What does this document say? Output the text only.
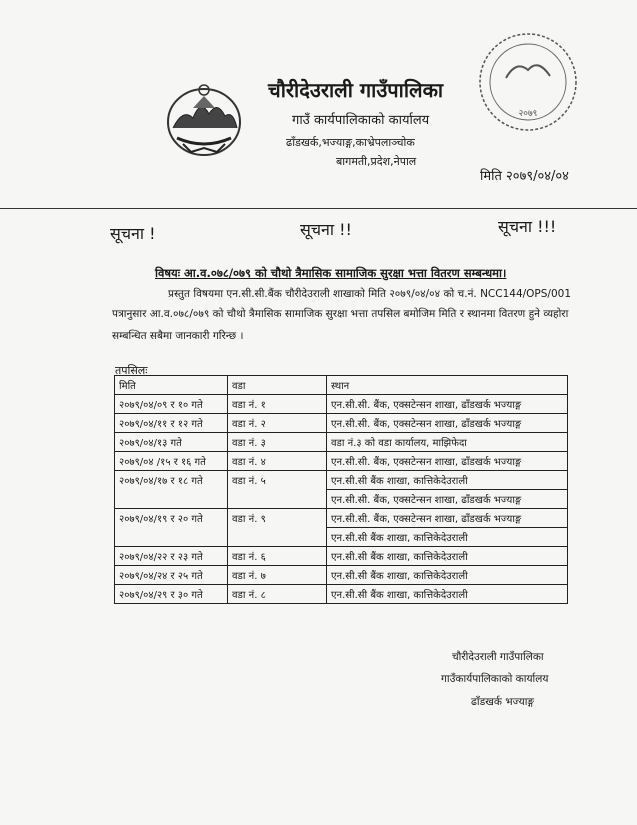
२०७९
चौरीदेउराली गाउँपालिका
गाउँ कार्यपालिकाको कार्यालय
ढाँडखर्क,भज्याङ्ग,काभ्रेपलाञ्चोक
बागमती,प्रदेश,नेपाल
मिति २०७९/०४/०४
सूचना !	सूचना !!	सूचना !!!
विषयः आ.व.०७८/०७९ को चौथो त्रैमासिक सामाजिक सुरक्षा भत्ता वितरण सम्बन्धमा।
प्रस्तुत विषयमा एन.सी.सी.बैंक चौरीदेउराली शाखाको मिति २०७९/०४/०४ को च.नं. NCC144/OPS/001
पत्रानुसार आ.व.०७८/०७९ को चौथो त्रैमासिक सामाजिक सुरक्षा भत्ता तपसिल बमोजिम मिति र स्थानमा वितरण हुने व्यहोरा
सम्बन्धित सबैमा जानकारी गरिन्छ ।
तपसिलः
मिति	वडा	स्थान
२०७९/०४/०९ र १० गते	वडा नं. १	एन.सी.सी. बैंक, एक्सटेन्सन शाखा, ढाँडखर्क भज्याङ्ग
२०७९/०४/११ र १२ गते	वडा नं. २	एन.सी.सी. बैंक, एक्सटेन्सन शाखा, ढाँडखर्क भज्याङ्ग
२०७९/०४/१३ गते	वडा नं. ३	वडा नं.३ को वडा कार्यालय, माझिफेदा
२०७९/०४ /१५ र १६ गते	वडा नं. ४	एन.सी.सी. बैंक, एक्सटेन्सन शाखा, ढाँडखर्क भज्याङ्ग
२०७९/०४/१७ र १८ गते	वडा नं. ५	एन.सी.सी बैंक शाखा, कात्तिकेदेउराली
		एन.सी.सी. बैंक, एक्सटेन्सन शाखा, ढाँडखर्क भज्याङ्ग
२०७९/०४/१९ र २० गते	वडा नं. ९	एन.सी.सी. बैंक, एक्सटेन्सन शाखा, ढाँडखर्क भज्याङ्ग
		एन.सी.सी बैंक शाखा, कात्तिकेदेउराली
२०७९/०४/२२ र २३ गते	वडा नं. ६	एन.सी.सी बैंक शाखा, कात्तिकेदेउराली
२०७९/०४/२४ र २५ गते	वडा नं. ७	एन.सी.सी बैंक शाखा, कात्तिकेदेउराली
२०७९/०४/२९ र ३० गते	वडा नं. ८	एन.सी.सी बैंक शाखा, कात्तिकेदेउराली
चौरीदेउराली गाउँपालिका
गाउँकार्यपालिकाको कार्यालय
ढाँडखर्क भज्याङ्ग
